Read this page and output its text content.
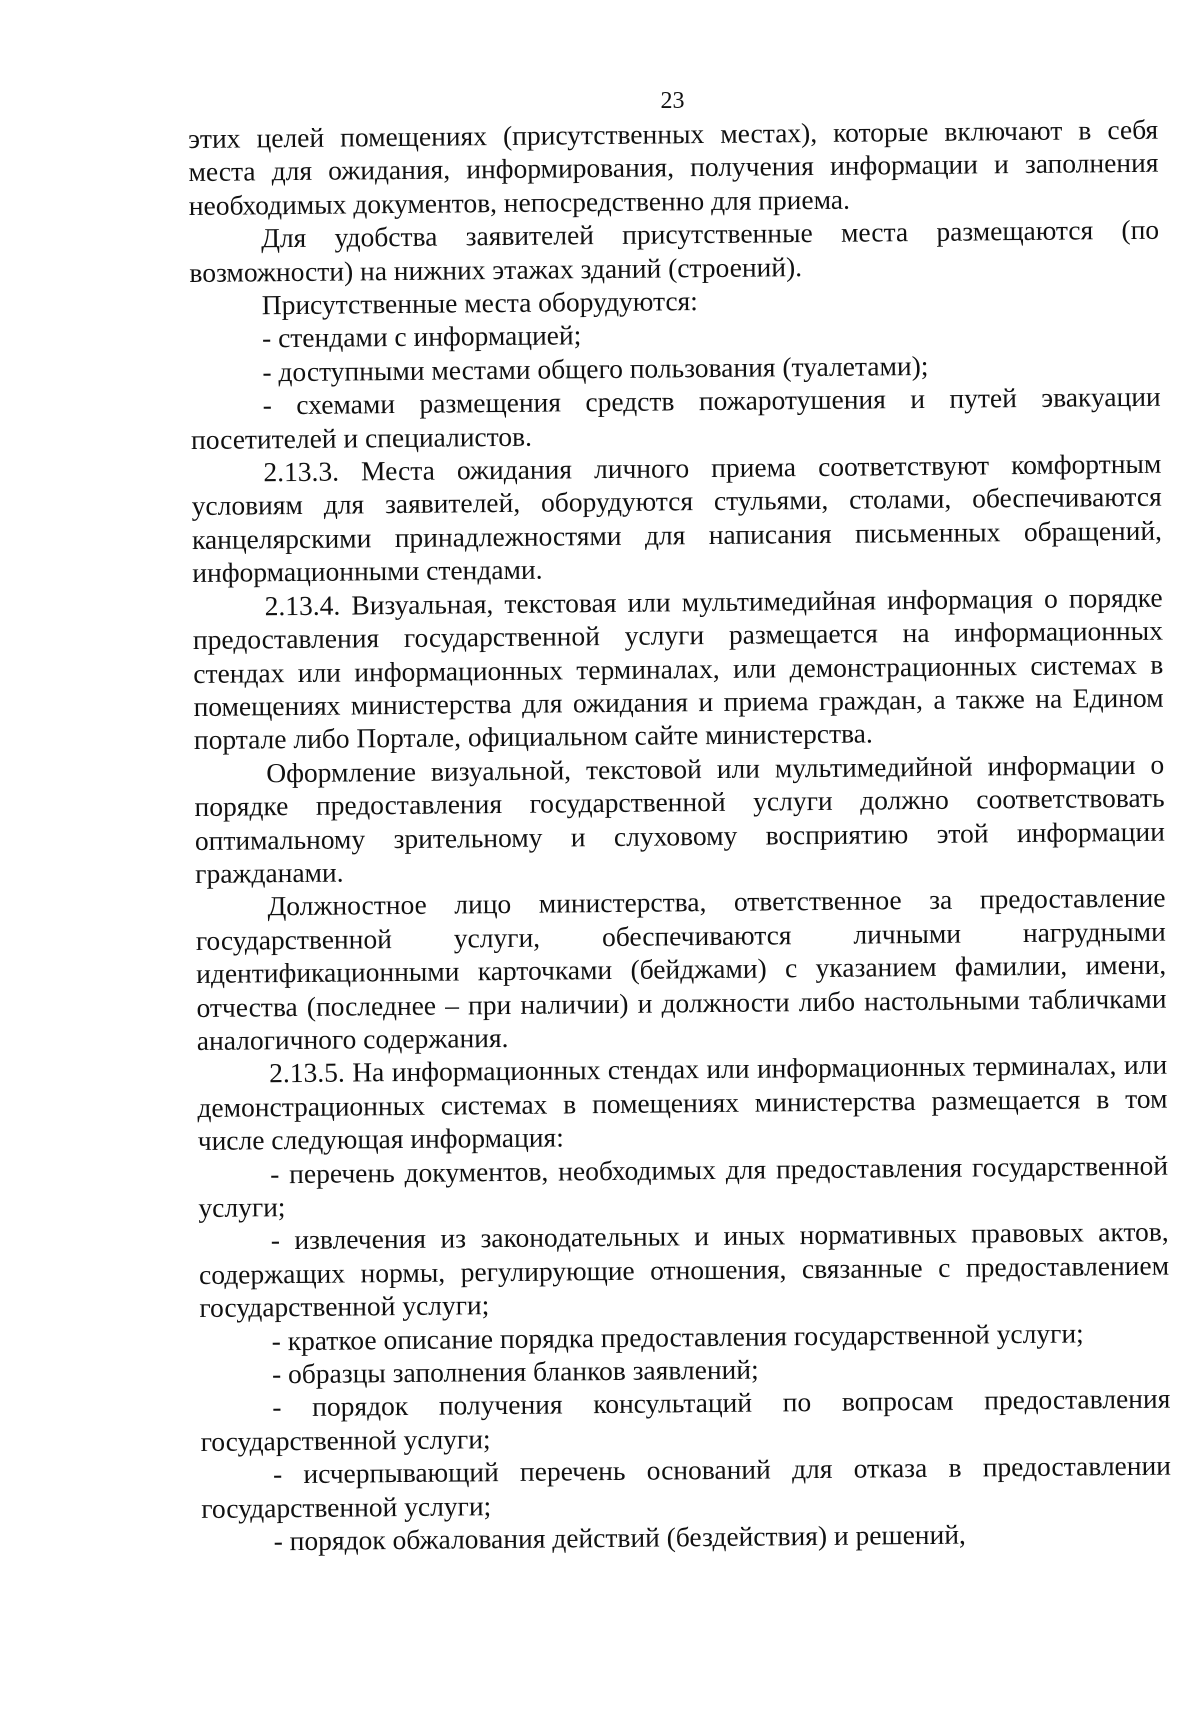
23

этих целей помещениях (присутственных местах), которые включают в себя места для ожидания, информирования, получения информации и заполнения необходимых документов, непосредственно для приема.

Для удобства заявителей присутственные места размещаются (по возможности) на нижних этажах зданий (строений).

Присутственные места оборудуются:

- стендами с информацией;

- доступными местами общего пользования (туалетами);

- схемами размещения средств пожаротушения и путей эвакуации посетителей и специалистов.

2.13.3. Места ожидания личного приема соответствуют комфортным условиям для заявителей, оборудуются стульями, столами, обеспечиваются канцелярскими принадлежностями для написания письменных обращений, информационными стендами.

2.13.4. Визуальная, текстовая или мультимедийная информация о порядке предоставления государственной услуги размещается на информационных стендах или информационных терминалах, или демонстрационных системах в помещениях министерства для ожидания и приема граждан, а также на Едином портале либо Портале, официальном сайте министерства.

Оформление визуальной, текстовой или мультимедийной информации о порядке предоставления государственной услуги должно соответствовать оптимальному зрительному и слуховому восприятию этой информации гражданами.

Должностное лицо министерства, ответственное за предоставление государственной услуги, обеспечиваются личными нагрудными идентификационными карточками (бейджами) с указанием фамилии, имени, отчества (последнее – при наличии) и должности либо настольными табличками аналогичного содержания.

2.13.5. На информационных стендах или информационных терминалах, или демонстрационных системах в помещениях министерства размещается в том числе следующая информация:

- перечень документов, необходимых для предоставления государственной услуги;

- извлечения из законодательных и иных нормативных правовых актов, содержащих нормы, регулирующие отношения, связанные с предоставлением государственной услуги;

- краткое описание порядка предоставления государственной услуги;

- образцы заполнения бланков заявлений;

- порядок получения консультаций по вопросам предоставления государственной услуги;

- исчерпывающий перечень оснований для отказа в предоставлении государственной услуги;

- порядок обжалования действий (бездействия) и решений,
